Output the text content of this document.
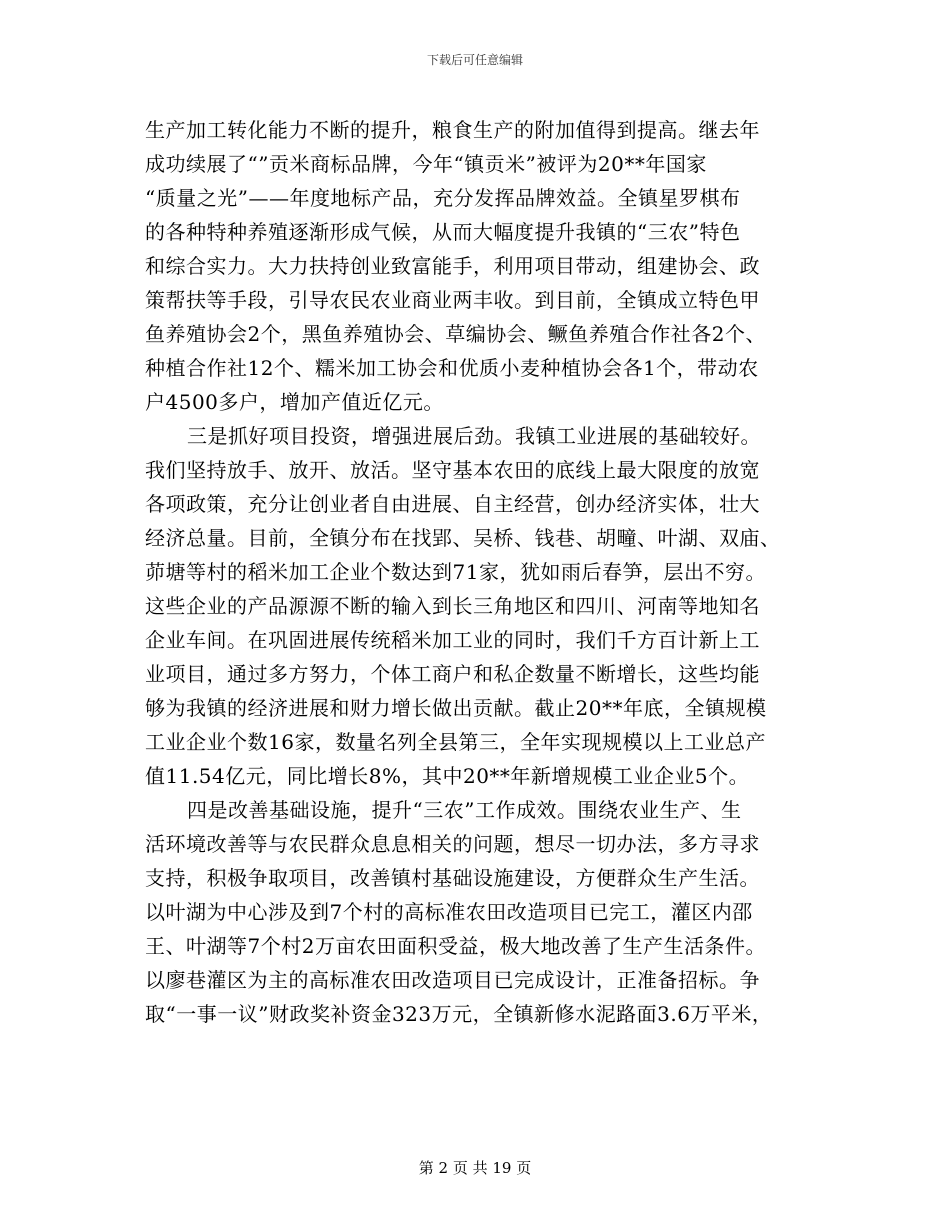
下载后可任意编辑
生产加工转化能力不断的提升，粮食生产的附加值得到提高。继去年
成功续展了“”贡米商标品牌，今年“镇贡米”被评为20**年国家
“质量之光”——年度地标产品，充分发挥品牌效益。全镇星罗棋布
的各种特种养殖逐渐形成气候，从而大幅度提升我镇的“三农”特色
和综合实力。大力扶持创业致富能手，利用项目带动，组建协会、政
策帮扶等手段，引导农民农业商业两丰收。到目前，全镇成立特色甲
鱼养殖协会2个，黑鱼养殖协会、草编协会、鳜鱼养殖合作社各2个、
种植合作社12个、糯米加工协会和优质小麦种植协会各1个，带动农
户4500多户，增加产值近亿元。
三是抓好项目投资，增强进展后劲。我镇工业进展的基础较好。
我们坚持放手、放开、放活。坚守基本农田的底线上最大限度的放宽
各项政策，充分让创业者自由进展、自主经营，创办经济实体，壮大
经济总量。目前，全镇分布在找郢、吴桥、钱巷、胡疃、叶湖、双庙、
茆塘等村的稻米加工企业个数达到71家，犹如雨后春笋，层出不穷。
这些企业的产品源源不断的输入到长三角地区和四川、河南等地知名
企业车间。在巩固进展传统稻米加工业的同时，我们千方百计新上工
业项目，通过多方努力，个体工商户和私企数量不断增长，这些均能
够为我镇的经济进展和财力增长做出贡献。截止20**年底，全镇规模
工业企业个数16家，数量名列全县第三，全年实现规模以上工业总产
值11.54亿元，同比增长8%，其中20**年新增规模工业企业5个。
四是改善基础设施，提升“三农”工作成效。围绕农业生产、生
活环境改善等与农民群众息息相关的问题，想尽一切办法，多方寻求
支持，积极争取项目，改善镇村基础设施建设，方便群众生产生活。
以叶湖为中心涉及到7个村的高标准农田改造项目已完工，灌区内邵
王、叶湖等7个村2万亩农田面积受益，极大地改善了生产生活条件。
以廖巷灌区为主的高标准农田改造项目已完成设计，正准备招标。争
取“一事一议”财政奖补资金323万元，全镇新修水泥路面3.6万平米，
第 2 页 共 19 页
